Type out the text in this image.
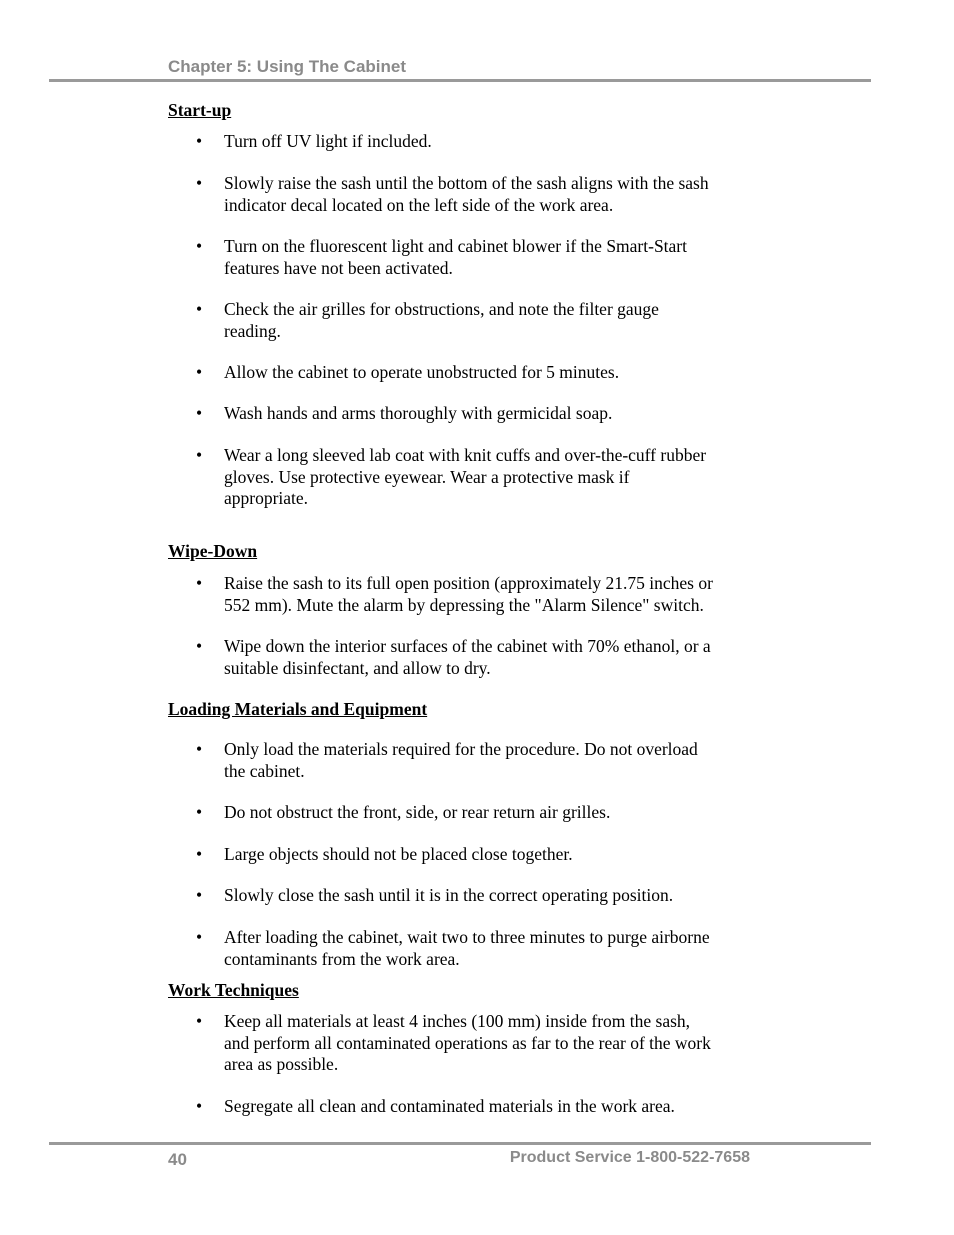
Chapter 5: Using The Cabinet
Start-up
•	Turn off UV light if included.
•	Slowly raise the sash until the bottom of the sash aligns with the sash
indicator decal located on the left side of the work area.
•	Turn on the fluorescent light and cabinet blower if the Smart-Start
features have not been activated.
•	Check the air grilles for obstructions, and note the filter gauge
reading.
•	Allow the cabinet to operate unobstructed for 5 minutes.
•	Wash hands and arms thoroughly with germicidal soap.
•	Wear a long sleeved lab coat with knit cuffs and over-the-cuff rubber
gloves. Use protective eyewear. Wear a protective mask if
appropriate.
Wipe-Down
•	Raise the sash to its full open position (approximately 21.75 inches or
552 mm). Mute the alarm by depressing the "Alarm Silence" switch.
•	Wipe down the interior surfaces of the cabinet with 70% ethanol, or a
suitable disinfectant, and allow to dry.
Loading Materials and Equipment
•	Only load the materials required for the procedure. Do not overload
the cabinet.
•	Do not obstruct the front, side, or rear return air grilles.
•	Large objects should not be placed close together.
•	Slowly close the sash until it is in the correct operating position.
•	After loading the cabinet, wait two to three minutes to purge airborne
contaminants from the work area.
Work Techniques
•	Keep all materials at least 4 inches (100 mm) inside from the sash,
and perform all contaminated operations as far to the rear of the work
area as possible.
•	Segregate all clean and contaminated materials in the work area.
40	Product Service 1-800-522-7658
